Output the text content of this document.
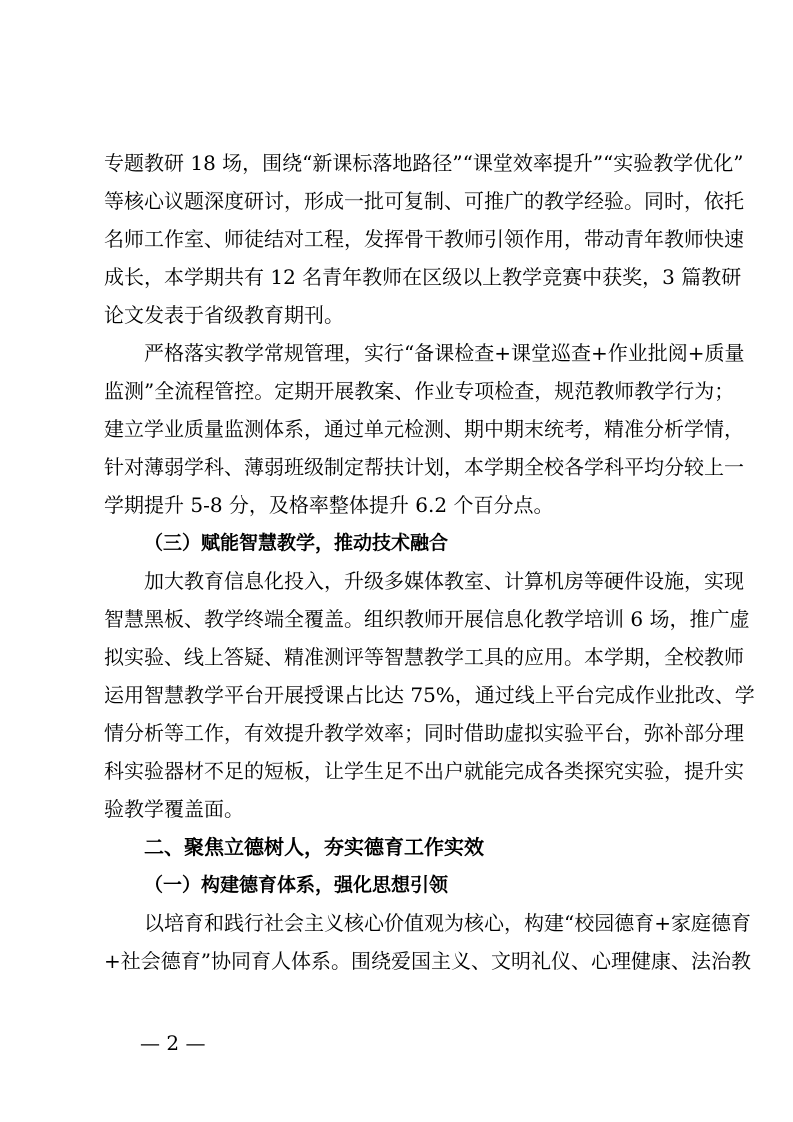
专题教研 18 场，围绕“新课标落地路径”“课堂效率提升”“实验教学优化”
等核心议题深度研讨，形成一批可复制、可推广的教学经验。同时，依托
名师工作室、师徒结对工程，发挥骨干教师引领作用，带动青年教师快速
成长，本学期共有 12 名青年教师在区级以上教学竞赛中获奖，3 篇教研
论文发表于省级教育期刊。
严格落实教学常规管理，实行“备课检查+课堂巡查+作业批阅+质量
监测”全流程管控。定期开展教案、作业专项检查，规范教师教学行为；
建立学业质量监测体系，通过单元检测、期中期末统考，精准分析学情，
针对薄弱学科、薄弱班级制定帮扶计划，本学期全校各学科平均分较上一
学期提升 5-8 分，及格率整体提升 6.2 个百分点。
（三）赋能智慧教学，推动技术融合
加大教育信息化投入，升级多媒体教室、计算机房等硬件设施，实现
智慧黑板、教学终端全覆盖。组织教师开展信息化教学培训 6 场，推广虚
拟实验、线上答疑、精准测评等智慧教学工具的应用。本学期，全校教师
运用智慧教学平台开展授课占比达 75%，通过线上平台完成作业批改、学
情分析等工作，有效提升教学效率；同时借助虚拟实验平台，弥补部分理
科实验器材不足的短板，让学生足不出户就能完成各类探究实验，提升实
验教学覆盖面。
二、聚焦立德树人，夯实德育工作实效
（一）构建德育体系，强化思想引领
以培育和践行社会主义核心价值观为核心，构建“校园德育+家庭德育
+社会德育”协同育人体系。围绕爱国主义、文明礼仪、心理健康、法治教
— 2 —
